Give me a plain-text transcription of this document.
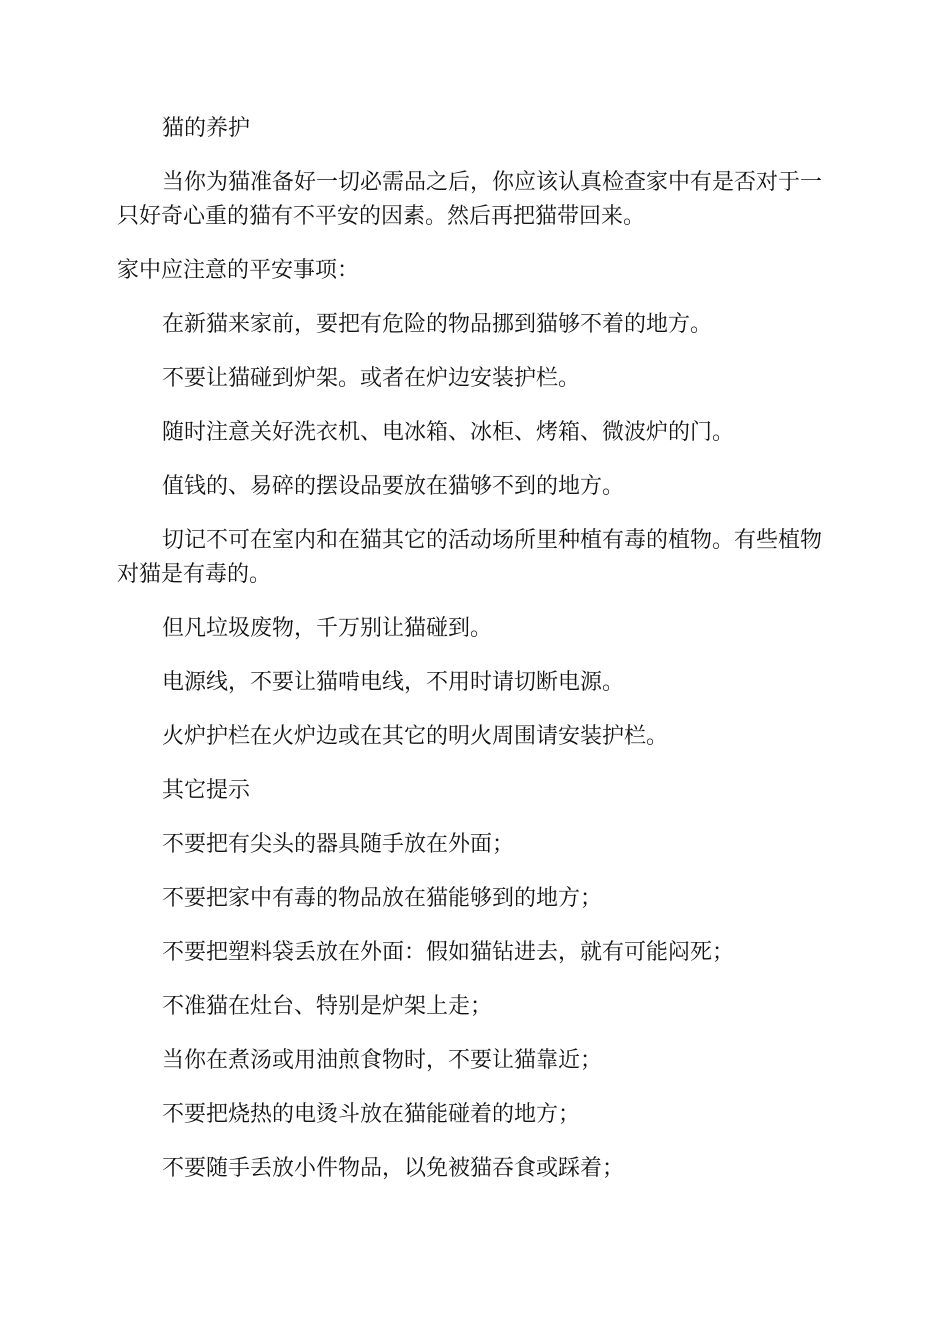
猫的养护

当你为猫准备好一切必需品之后，你应该认真检查家中有是否对于一只好奇心重的猫有不平安的因素。然后再把猫带回来。

家中应注意的平安事项：

在新猫来家前，要把有危险的物品挪到猫够不着的地方。

不要让猫碰到炉架。或者在炉边安装护栏。

随时注意关好洗衣机、电冰箱、冰柜、烤箱、微波炉的门。

值钱的、易碎的摆设品要放在猫够不到的地方。

切记不可在室内和在猫其它的活动场所里种植有毒的植物。有些植物对猫是有毒的。

但凡垃圾废物，千万别让猫碰到。

电源线，不要让猫啃电线，不用时请切断电源。

火炉护栏在火炉边或在其它的明火周围请安装护栏。

其它提示

不要把有尖头的器具随手放在外面；

不要把家中有毒的物品放在猫能够到的地方；

不要把塑料袋丢放在外面：假如猫钻进去，就有可能闷死；

不准猫在灶台、特别是炉架上走；

当你在煮汤或用油煎食物时，不要让猫靠近；

不要把烧热的电烫斗放在猫能碰着的地方；

不要随手丢放小件物品，以免被猫吞食或踩着；
